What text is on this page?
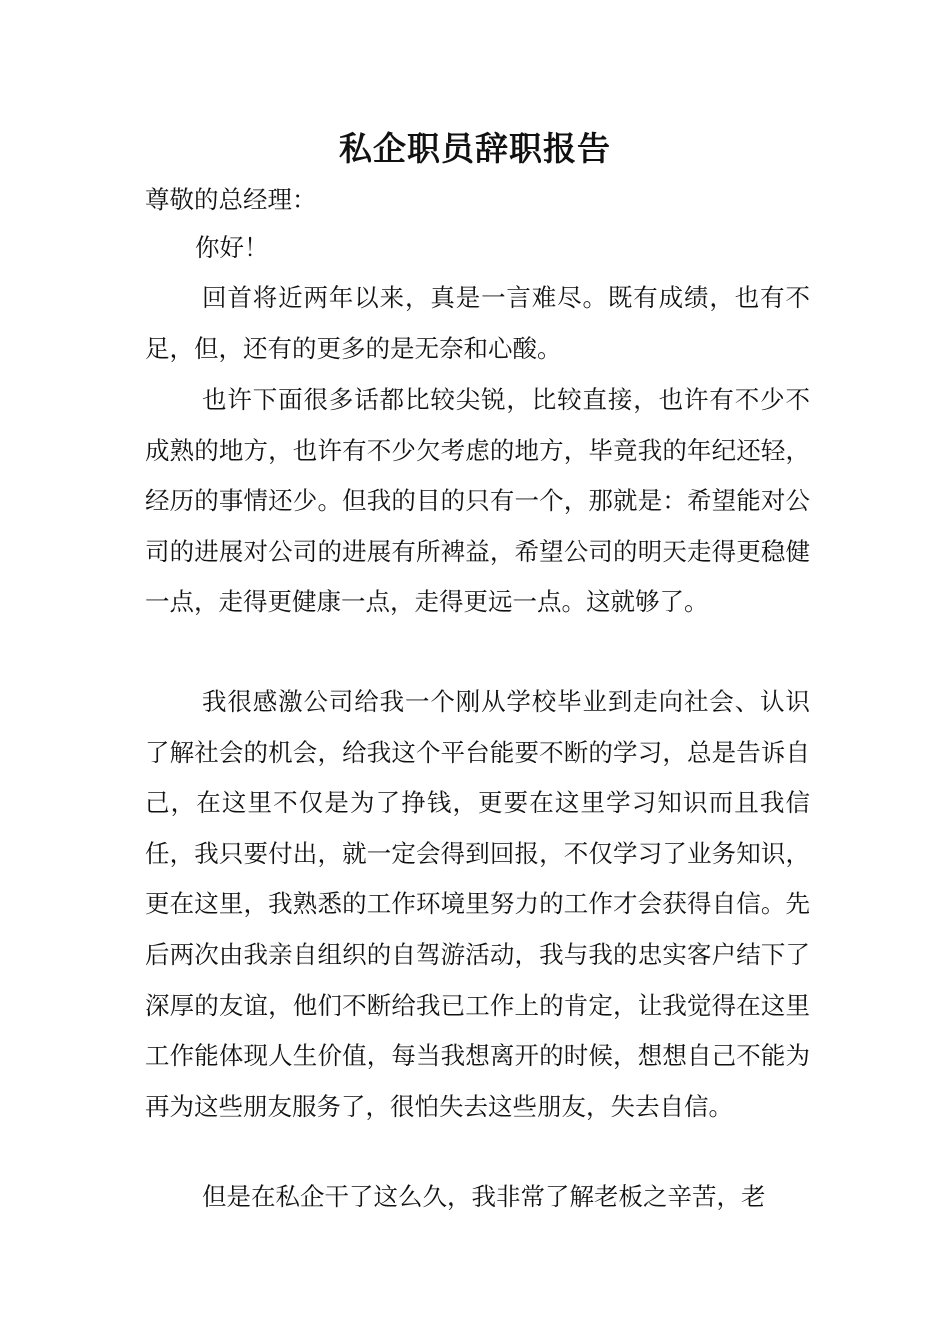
私企职员辞职报告

尊敬的总经理：

你好！

回首将近两年以来，真是一言难尽。既有成绩，也有不足，但，还有的更多的是无奈和心酸。

也许下面很多话都比较尖锐，比较直接，也许有不少不成熟的地方，也许有不少欠考虑的地方，毕竟我的年纪还轻，经历的事情还少。但我的目的只有一个，那就是：希望能对公司的进展对公司的进展有所裨益，希望公司的明天走得更稳健一点，走得更健康一点，走得更远一点。这就够了。

我很感激公司给我一个刚从学校毕业到走向社会、认识了解社会的机会，给我这个平台能要不断的学习，总是告诉自己，在这里不仅是为了挣钱，更要在这里学习知识而且我信任，我只要付出，就一定会得到回报，不仅学习了业务知识，更在这里，我熟悉的工作环境里努力的工作才会获得自信。先后两次由我亲自组织的自驾游活动，我与我的忠实客户结下了深厚的友谊，他们不断给我已工作上的肯定，让我觉得在这里工作能体现人生价值，每当我想离开的时候，想想自己不能为再为这些朋友服务了，很怕失去这些朋友，失去自信。

但是在私企干了这么久，我非常了解老板之辛苦，老
